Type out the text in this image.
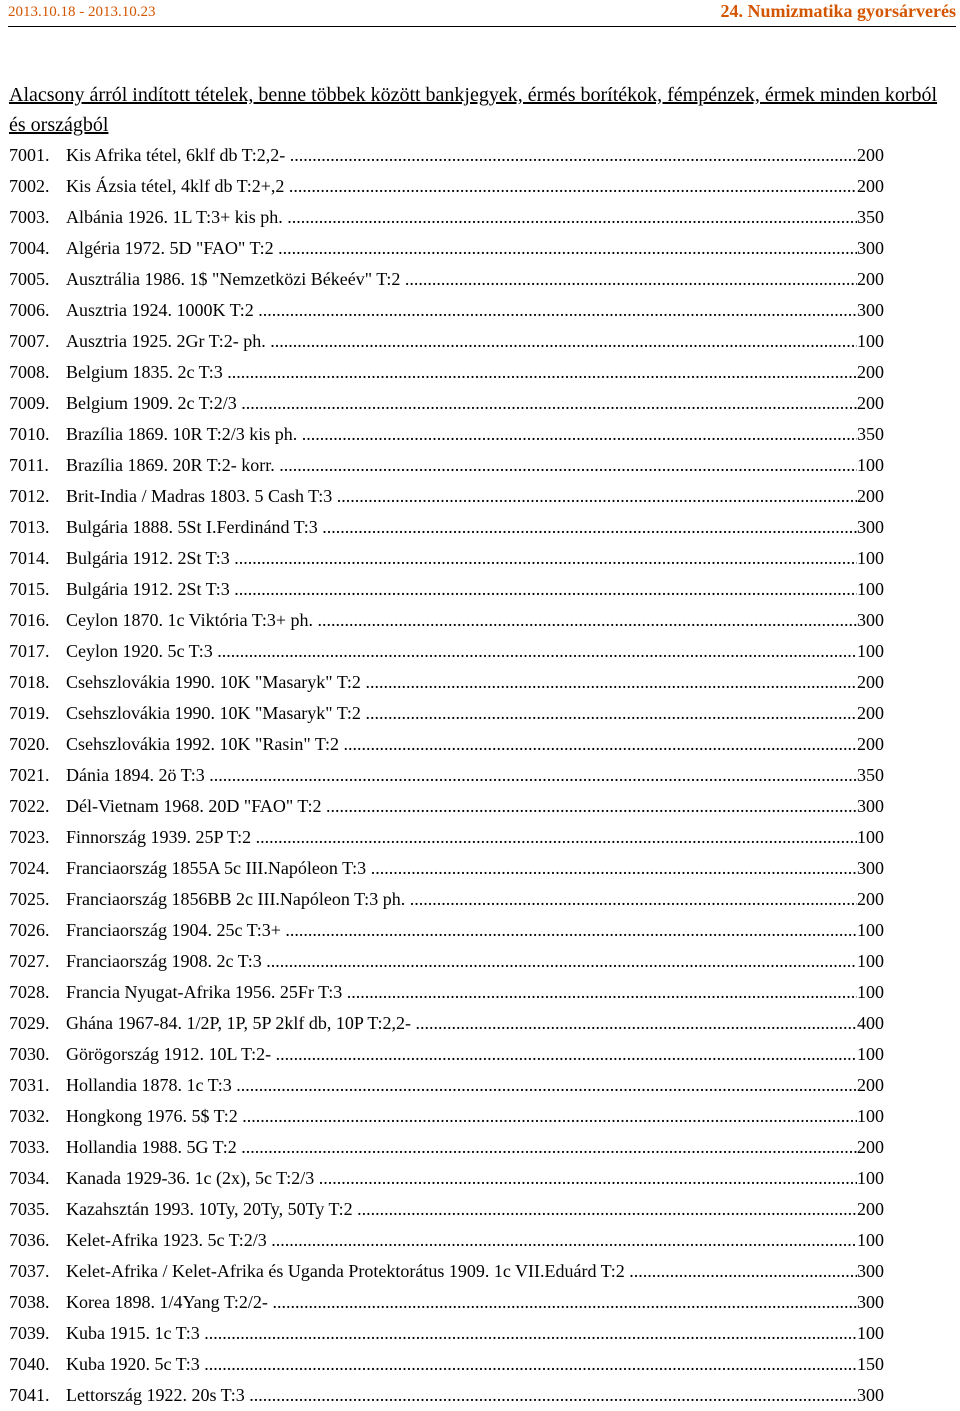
2013.10.18 - 2013.10.23	24. Numizmatika gyorsárverés
Alacsony árról indított tételek, benne többek között bankjegyek, érmés borítékok, fémpénzek, érmek minden korból és országból
7001. Kis Afrika tétel, 6klf db T:2,2- .....	200
7002. Kis Ázsia tétel, 4klf db T:2+,2 .....	200
7003. Albánia 1926. 1L T:3+ kis ph. .....	350
7004. Algéria 1972. 5D "FAO" T:2 .....	300
7005. Ausztrália 1986. 1$ "Nemzetközi Békeév" T:2 .....	200
7006. Ausztria 1924. 1000K T:2 .....	300
7007. Ausztria 1925. 2Gr T:2- ph. .....	100
7008. Belgium 1835. 2c T:3 .....	200
7009. Belgium 1909. 2c T:2/3 .....	200
7010. Brazília 1869. 10R T:2/3 kis ph. .....	350
7011. Brazília 1869. 20R T:2- korr. .....	100
7012. Brit-India / Madras 1803. 5 Cash T:3 .....	200
7013. Bulgária 1888. 5St I.Ferdinánd T:3 .....	300
7014. Bulgária 1912. 2St T:3 .....	100
7015. Bulgária 1912. 2St T:3 .....	100
7016. Ceylon 1870. 1c Viktória T:3+ ph. .....	300
7017. Ceylon 1920. 5c T:3 .....	100
7018. Csehszlovákia 1990. 10K "Masaryk" T:2 .....	200
7019. Csehszlovákia 1990. 10K "Masaryk" T:2 .....	200
7020. Csehszlovákia 1992. 10K "Rasin" T:2 .....	200
7021. Dánia 1894. 2ö T:3 .....	350
7022. Dél-Vietnam 1968. 20D "FAO" T:2 .....	300
7023. Finnország 1939. 25P T:2 .....	100
7024. Franciaország 1855A 5c III.Napóleon T:3 .....	300
7025. Franciaország 1856BB 2c III.Napóleon T:3 ph. .....	200
7026. Franciaország 1904. 25c T:3+ .....	100
7027. Franciaország 1908. 2c T:3 .....	100
7028. Francia Nyugat-Afrika 1956. 25Fr T:3 .....	100
7029. Ghána 1967-84. 1/2P, 1P, 5P 2klf db, 10P T:2,2- .....	400
7030. Görögország 1912. 10L T:2- .....	100
7031. Hollandia 1878. 1c T:3 .....	200
7032. Hongkong 1976. 5$ T:2 .....	100
7033. Hollandia 1988. 5G T:2 .....	200
7034. Kanada 1929-36. 1c (2x), 5c T:2/3 .....	100
7035. Kazahsztán 1993. 10Ty, 20Ty, 50Ty T:2 .....	200
7036. Kelet-Afrika 1923. 5c T:2/3 .....	100
7037. Kelet-Afrika / Kelet-Afrika és Uganda Protektorátus 1909. 1c VII.Eduárd T:2 .....	300
7038. Korea 1898. 1/4Yang T:2/2- .....	300
7039. Kuba 1915. 1c T:3 .....	100
7040. Kuba 1920. 5c T:3 .....	150
7041. Lettország 1922. 20s T:3 .....	300
